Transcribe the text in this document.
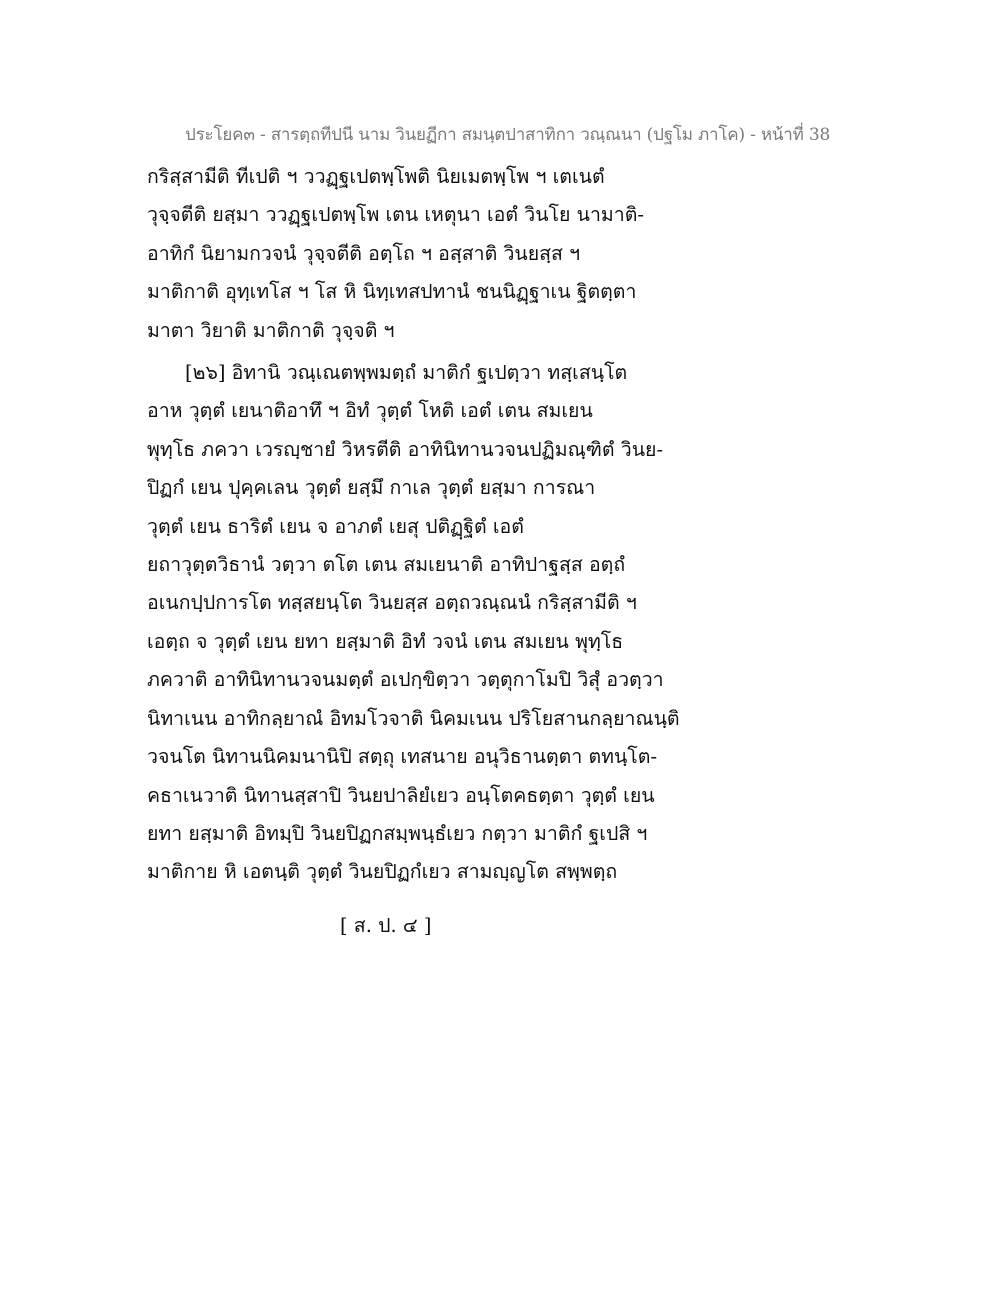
ประโยค๓ - สารตฺถทีปนี นาม วินยฏีกา สมนฺตปาสาทิกา วณฺณนา (ปฐโม ภาโค) - หน้าที่ 38
กริสฺสามีติ ทีเปติ ฯ ววฏฺฐเปตพฺโพติ นิยเมตพฺโพ ฯ เตเนตํ
วุจฺจตีติ ยสฺมา ววฏฺฐเปตพฺโพ เตน เหตุนา เอตํ วินโย นามาติ-
อาทิกํ นิยามกวจนํ วุจฺจตีติ อตฺโถ ฯ อสฺสาติ วินยสฺส ฯ
มาติกาติ อุทฺเทโส ฯ โส หิ นิทฺเทสปทานํ ชนนิฏฺฐาเน ฐิตตฺตา
มาตา วิยาติ มาติกาติ วุจฺจติ ฯ
[๒๖] อิทานิ วณฺเณตพฺพมตฺถํ มาติกํ ฐเปตฺวา ทสฺเสนฺโต
อาห วุตฺตํ เยนาติอาทึ ฯ อิทํ วุตฺตํ โหติ เอตํ เตน สมเยน
พุทฺโธ ภควา เวรญฺชายํ วิหรตีติ อาทินิทานวจนปฏิมณฺฑิตํ วินย-
ปิฏกํ เยน ปุคฺคเลน วุตฺตํ ยสฺมึ กาเล วุตฺตํ ยสฺมา การณา
วุตฺตํ เยน ธาริตํ เยน จ อาภตํ เยสุ ปติฏฺฐิตํ เอตํ
ยถาวุตฺตวิธานํ วตฺวา ตโต เตน สมเยนาติ อาทิปาฐสฺส อตฺถํ
อเนกปฺปการโต ทสฺสยนฺโต วินยสฺส อตฺถวณฺณนํ กริสฺสามีติ ฯ
เอตฺถ จ วุตฺตํ เยน ยทา ยสฺมาติ อิทํ วจนํ เตน สมเยน พุทฺโธ
ภควาติ อาทินิทานวจนมตฺตํ อเปกฺขิตฺวา วตฺตุกาโมปิ วิสุํ อวตฺวา
นิทาเนน อาทิกลฺยาณํ อิทมโวจาติ นิคมเนน ปริโยสานกลฺยาณนฺติ
วจนโต นิทานนิคมนานิปิ สตฺถุ เทสนาย อนุวิธานตฺตา ตทนฺโต-
คธาเนวาติ นิทานสฺสาปิ วินยปาลิยํเยว อนฺโตคธตฺตา วุตฺตํ เยน
ยทา ยสฺมาติ อิทมฺปิ วินยปิฏกสมฺพนฺธํเยว กตฺวา มาติกํ ฐเปสิ ฯ
มาติกาย หิ เอตนฺติ วุตฺตํ วินยปิฏกํเยว สามญฺญโต สพฺพตฺถ
[ ส. ป. ๔ ]
